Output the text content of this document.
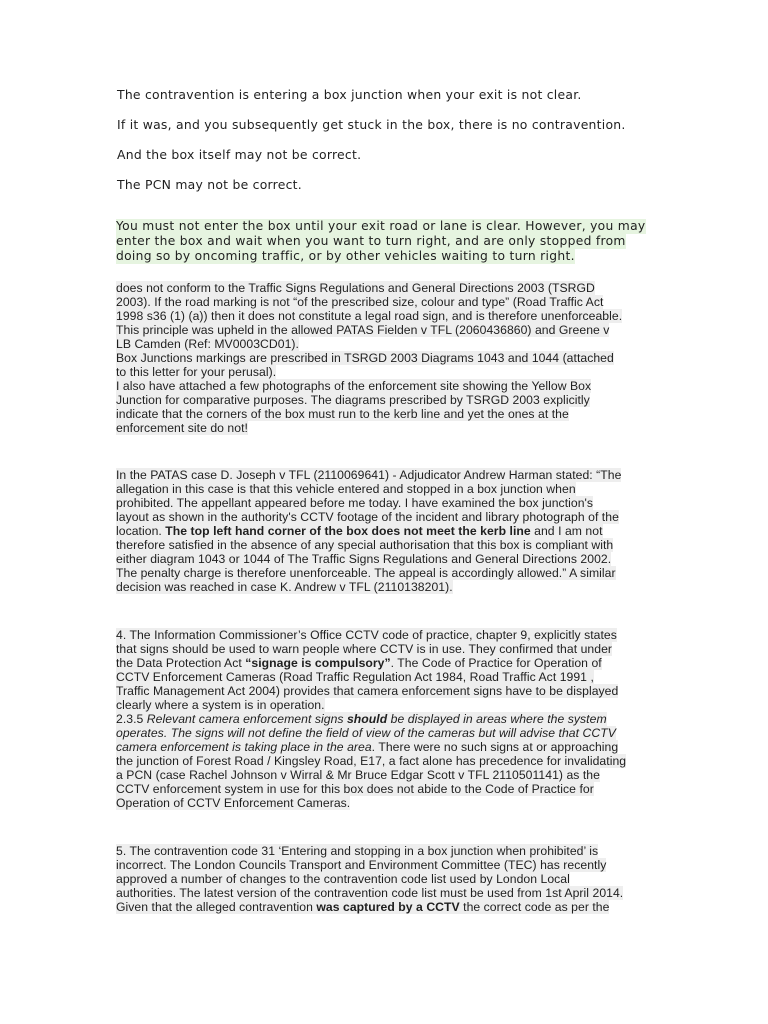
The contravention is entering a box junction when your exit is not clear.
If it was, and you subsequently get stuck in the box, there is no contravention.
And the box itself may not be correct.
The PCN may not be correct.
You must not enter the box until your exit road or lane is clear. However, you may
enter the box and wait when you want to turn right, and are only stopped from
doing so by oncoming traffic, or by other vehicles waiting to turn right.
does not conform to the Traffic Signs Regulations and General Directions 2003 (TSRGD
2003). If the road marking is not “of the prescribed size, colour and type” (Road Traffic Act
1998 s36 (1) (a)) then it does not constitute a legal road sign, and is therefore unenforceable.
This principle was upheld in the allowed PATAS Fielden v TFL (2060436860) and Greene v
LB Camden (Ref: MV0003CD01).
Box Junctions markings are prescribed in TSRGD 2003 Diagrams 1043 and 1044 (attached
to this letter for your perusal).
I also have attached a few photographs of the enforcement site showing the Yellow Box
Junction for comparative purposes. The diagrams prescribed by TSRGD 2003 explicitly
indicate that the corners of the box must run to the kerb line and yet the ones at the
enforcement site do not!
In the PATAS case D. Joseph v TFL (2110069641) - Adjudicator Andrew Harman stated: “The
allegation in this case is that this vehicle entered and stopped in a box junction when
prohibited. The appellant appeared before me today. I have examined the box junction's
layout as shown in the authority's CCTV footage of the incident and library photograph of the
location. The top left hand corner of the box does not meet the kerb line and I am not
therefore satisfied in the absence of any special authorisation that this box is compliant with
either diagram 1043 or 1044 of The Traffic Signs Regulations and General Directions 2002.
The penalty charge is therefore unenforceable. The appeal is accordingly allowed.” A similar
decision was reached in case K. Andrew v TFL (2110138201).
4. The Information Commissioner’s Office CCTV code of practice, chapter 9, explicitly states
that signs should be used to warn people where CCTV is in use. They confirmed that under
the Data Protection Act “signage is compulsory”. The Code of Practice for Operation of
CCTV Enforcement Cameras (Road Traffic Regulation Act 1984, Road Traffic Act 1991 ,
Traffic Management Act 2004) provides that camera enforcement signs have to be displayed
clearly where a system is in operation.
2.3.5 Relevant camera enforcement signs should be displayed in areas where the system
operates. The signs will not define the field of view of the cameras but will advise that CCTV
camera enforcement is taking place in the area. There were no such signs at or approaching
the junction of Forest Road / Kingsley Road, E17, a fact alone has precedence for invalidating
a PCN (case Rachel Johnson v Wirral & Mr Bruce Edgar Scott v TFL 2110501141) as the
CCTV enforcement system in use for this box does not abide to the Code of Practice for
Operation of CCTV Enforcement Cameras.
5. The contravention code 31 ‘Entering and stopping in a box junction when prohibited’ is
incorrect. The London Councils Transport and Environment Committee (TEC) has recently
approved a number of changes to the contravention code list used by London Local
authorities. The latest version of the contravention code list must be used from 1st April 2014.
Given that the alleged contravention was captured by a CCTV the correct code as per the
